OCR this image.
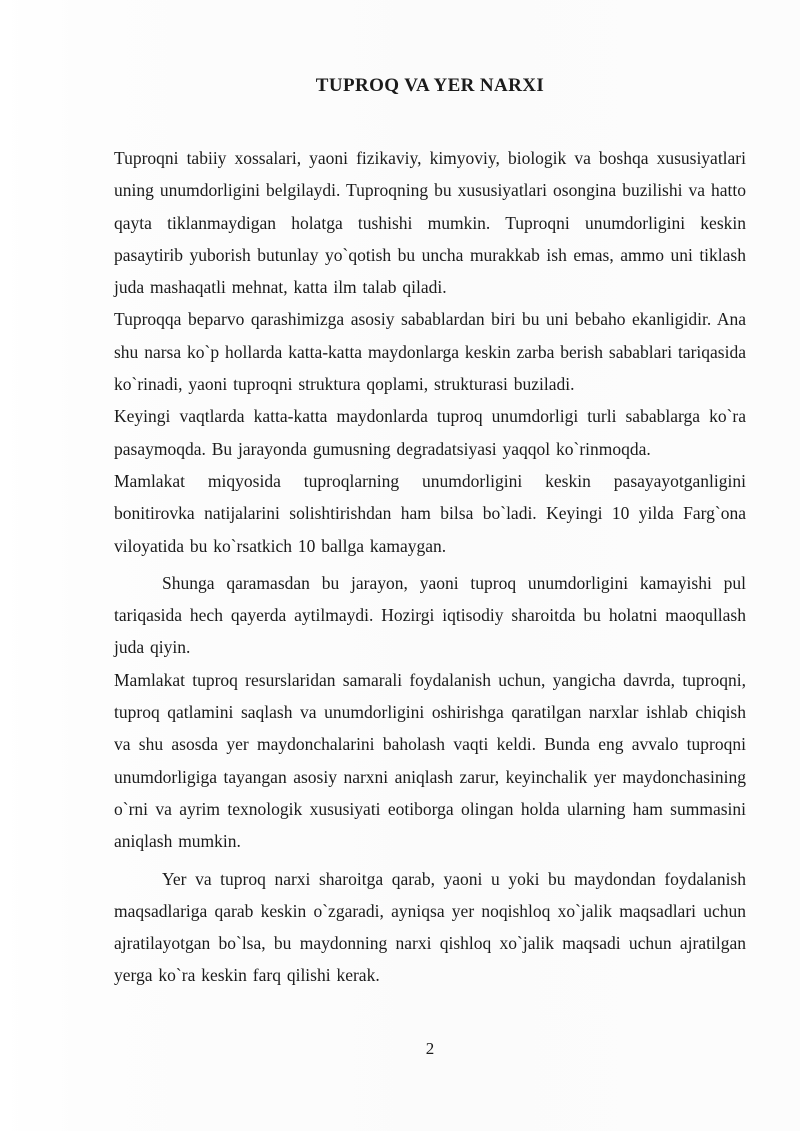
TUPROQ VA YER NARXI

Tuproqni tabiiy xossalari, yaoni fizikaviy, kimyoviy, biologik va boshqa xususiyatlari uning unumdorligini belgilaydi. Tuproqning bu xususiyatlari osongina buzilishi va hatto qayta tiklanmaydigan holatga tushishi mumkin. Tuproqni unumdorligini keskin pasaytirib yuborish butunlay yo`qotish bu uncha murakkab ish emas, ammo uni tiklash juda mashaqatli mehnat, katta ilm talab qiladi.

Tuproqqa beparvo qarashimizga asosiy sabablardan biri bu uni bebaho ekanligidir. Ana shu narsa ko`p hollarda katta-katta maydonlarga keskin zarba berish sabablari tariqasida ko`rinadi, yaoni tuproqni struktura qoplami, strukturasi buziladi.

Keyingi vaqtlarda katta-katta maydonlarda tuproq unumdorligi turli sabablarga ko`ra pasaymoqda. Bu jarayonda gumusning degradatsiyasi yaqqol ko`rinmoqda.

Mamlakat miqyosida tuproqlarning unumdorligini keskin pasayayotganligini bonitirovka natijalarini solishtirishdan ham bilsa bo`ladi. Keyingi 10 yilda Farg`ona viloyatida bu ko`rsatkich 10 ballga kamaygan.

Shunga qaramasdan bu jarayon, yaoni tuproq unumdorligini kamayishi pul tariqasida hech qayerda aytilmaydi. Hozirgi iqtisodiy sharoitda bu holatni maoqullash juda qiyin.

Mamlakat tuproq resurslaridan samarali foydalanish uchun, yangicha davrda, tuproqni, tuproq qatlamini saqlash va unumdorligini oshirishga qaratilgan narxlar ishlab chiqish va shu asosda yer maydonchalarini baholash vaqti keldi. Bunda eng avvalo tuproqni unumdorligiga tayangan asosiy narxni aniqlash zarur, keyinchalik yer maydonchasining o`rni va ayrim texnologik xususiyati eotiborga olingan holda ularning ham summasini aniqlash mumkin.

Yer va tuproq narxi sharoitga qarab, yaoni u yoki bu maydondan foydalanish maqsadlariga qarab keskin o`zgaradi, ayniqsa yer noqishloq xo`jalik maqsadlari uchun ajratilayotgan bo`lsa, bu maydonning narxi qishloq xo`jalik maqsadi uchun ajratilgan yerga ko`ra keskin farq qilishi kerak.

2
